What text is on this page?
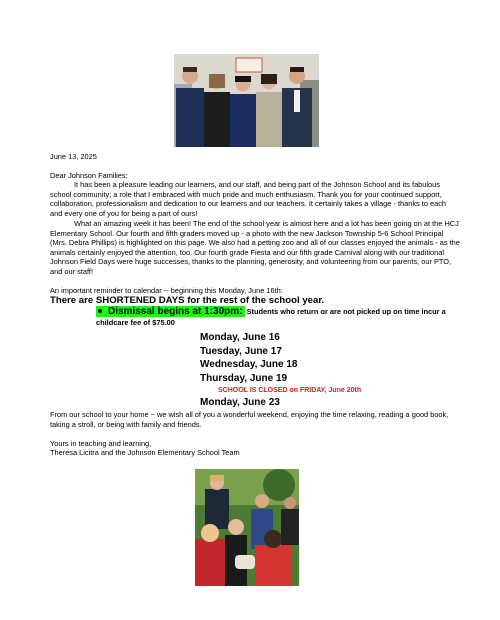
June 13, 2025
Dear Johnson Families:
It has been a pleasure leading our learners, and our staff, and being part of the Johnson School and its fabulous school community; a role that I embraced with much pride and much enthusiasm. Thank you for your continued support, collaboration, professionalism and dedication to our learners and our teachers. It certainly takes a village - thanks to each and every one of you for being a part of ours!
What an amazing week it has been! The end of the school year is almost here and a lot has been going on at the HCJ Elementary School. Our fourth and fifth graders moved up - a photo with the new Jackson Township 5-6 School Principal (Mrs. Debra Phillips) is highlighted on this page. We also had a petting zoo and all of our classes enjoyed the animals - as the animals certainly enjoyed the attention, too. Our fourth grade Fiesta and our fifth grade Carnival along with our traditional Johnson Field Days were huge successes, thanks to the planning, generosity, and volunteering from our parents, our PTO, and our staff!
An important reminder to calendar -- beginning this Monday, June 16th:
There are SHORTENED DAYS for the rest of the school year.
Dismissal begins at 1:30pm: Students who return or are not picked up on time incur a childcare fee of $75.00
Monday, June 16
Tuesday, June 17
Wednesday, June 18
Thursday, June 19
SCHOOL IS CLOSED on FRIDAY, June 20th
Monday, June 23
From our school to your home ~ we wish all of you a wonderful weekend, enjoying the time relaxing, reading a good book, taking a stroll, or being with family and friends.
Yours in teaching and learning,
Theresa Licitra and the Johnson Elementary School Team
